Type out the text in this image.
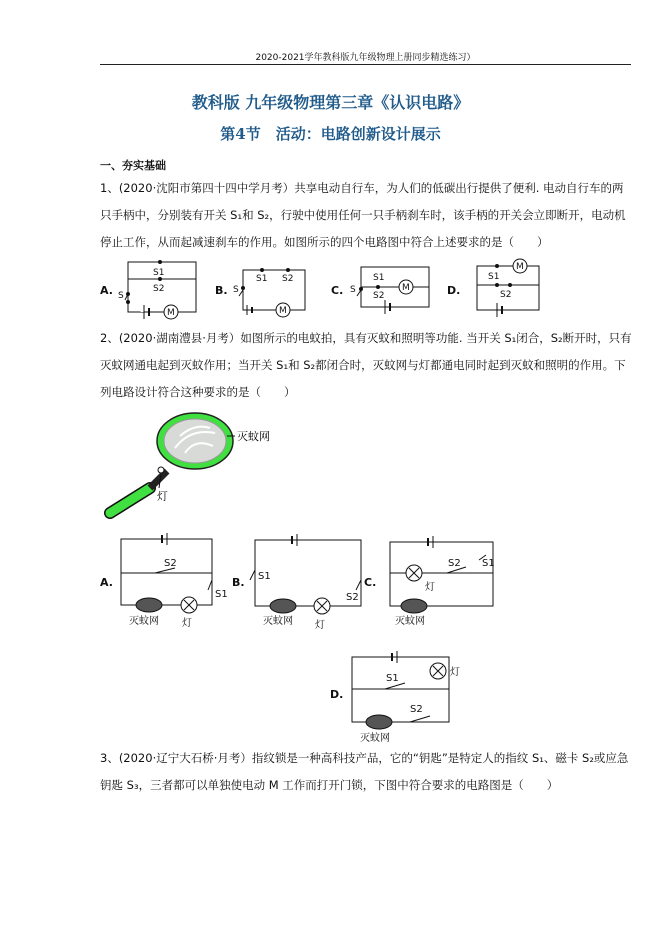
2020-2021学年教科版九年级物理上册同步精选练习）
教科版 九年级物理第三章《认识电路》
第4节　活动：电路创新设计展示
一、夯实基础
1、(2020·沈阳市第四十四中学月考）共享电动自行车，为人们的低碳出行提供了便利. 电动自行车的两只手柄中，分别装有开关 S₁和 S₂，行驶中使用任何一只手柄刹车时，该手柄的开关会立即断开，电动机停止工作，从而起减速刹车的作用。如图所示的四个电路图中符合上述要求的是（　　）
A.	B.	C.	D.
S1
S2
S
M
S1 S2
S
M
S1
S2
S	M
S1
S2
M
2、(2020·湖南澧县·月考）如图所示的电蚊拍，具有灭蚊和照明等功能. 当开关 S₁闭合，S₂断开时，只有灭蚊网通电起到灭蚊作用；当开关 S₁和 S₂都闭合时，灭蚊网与灯都通电同时起到灭蚊和照明的作用。下列电路设计符合这种要求的是（　　）
灭蚊网
灯
A.	B.	C.
D.
S2
S1
灭蚊网 灯
S1
S2
灭蚊网 灯
S2 S1
灯
灭蚊网
S1
灯
S2
灭蚊网
3、(2020·辽宁大石桥·月考）指纹锁是一种高科技产品，它的“钥匙”是特定人的指纹 S₁、磁卡 S₂或应急钥匙 S₃，三者都可以单独使电动 M 工作而打开门锁，下图中符合要求的电路图是（　　）
